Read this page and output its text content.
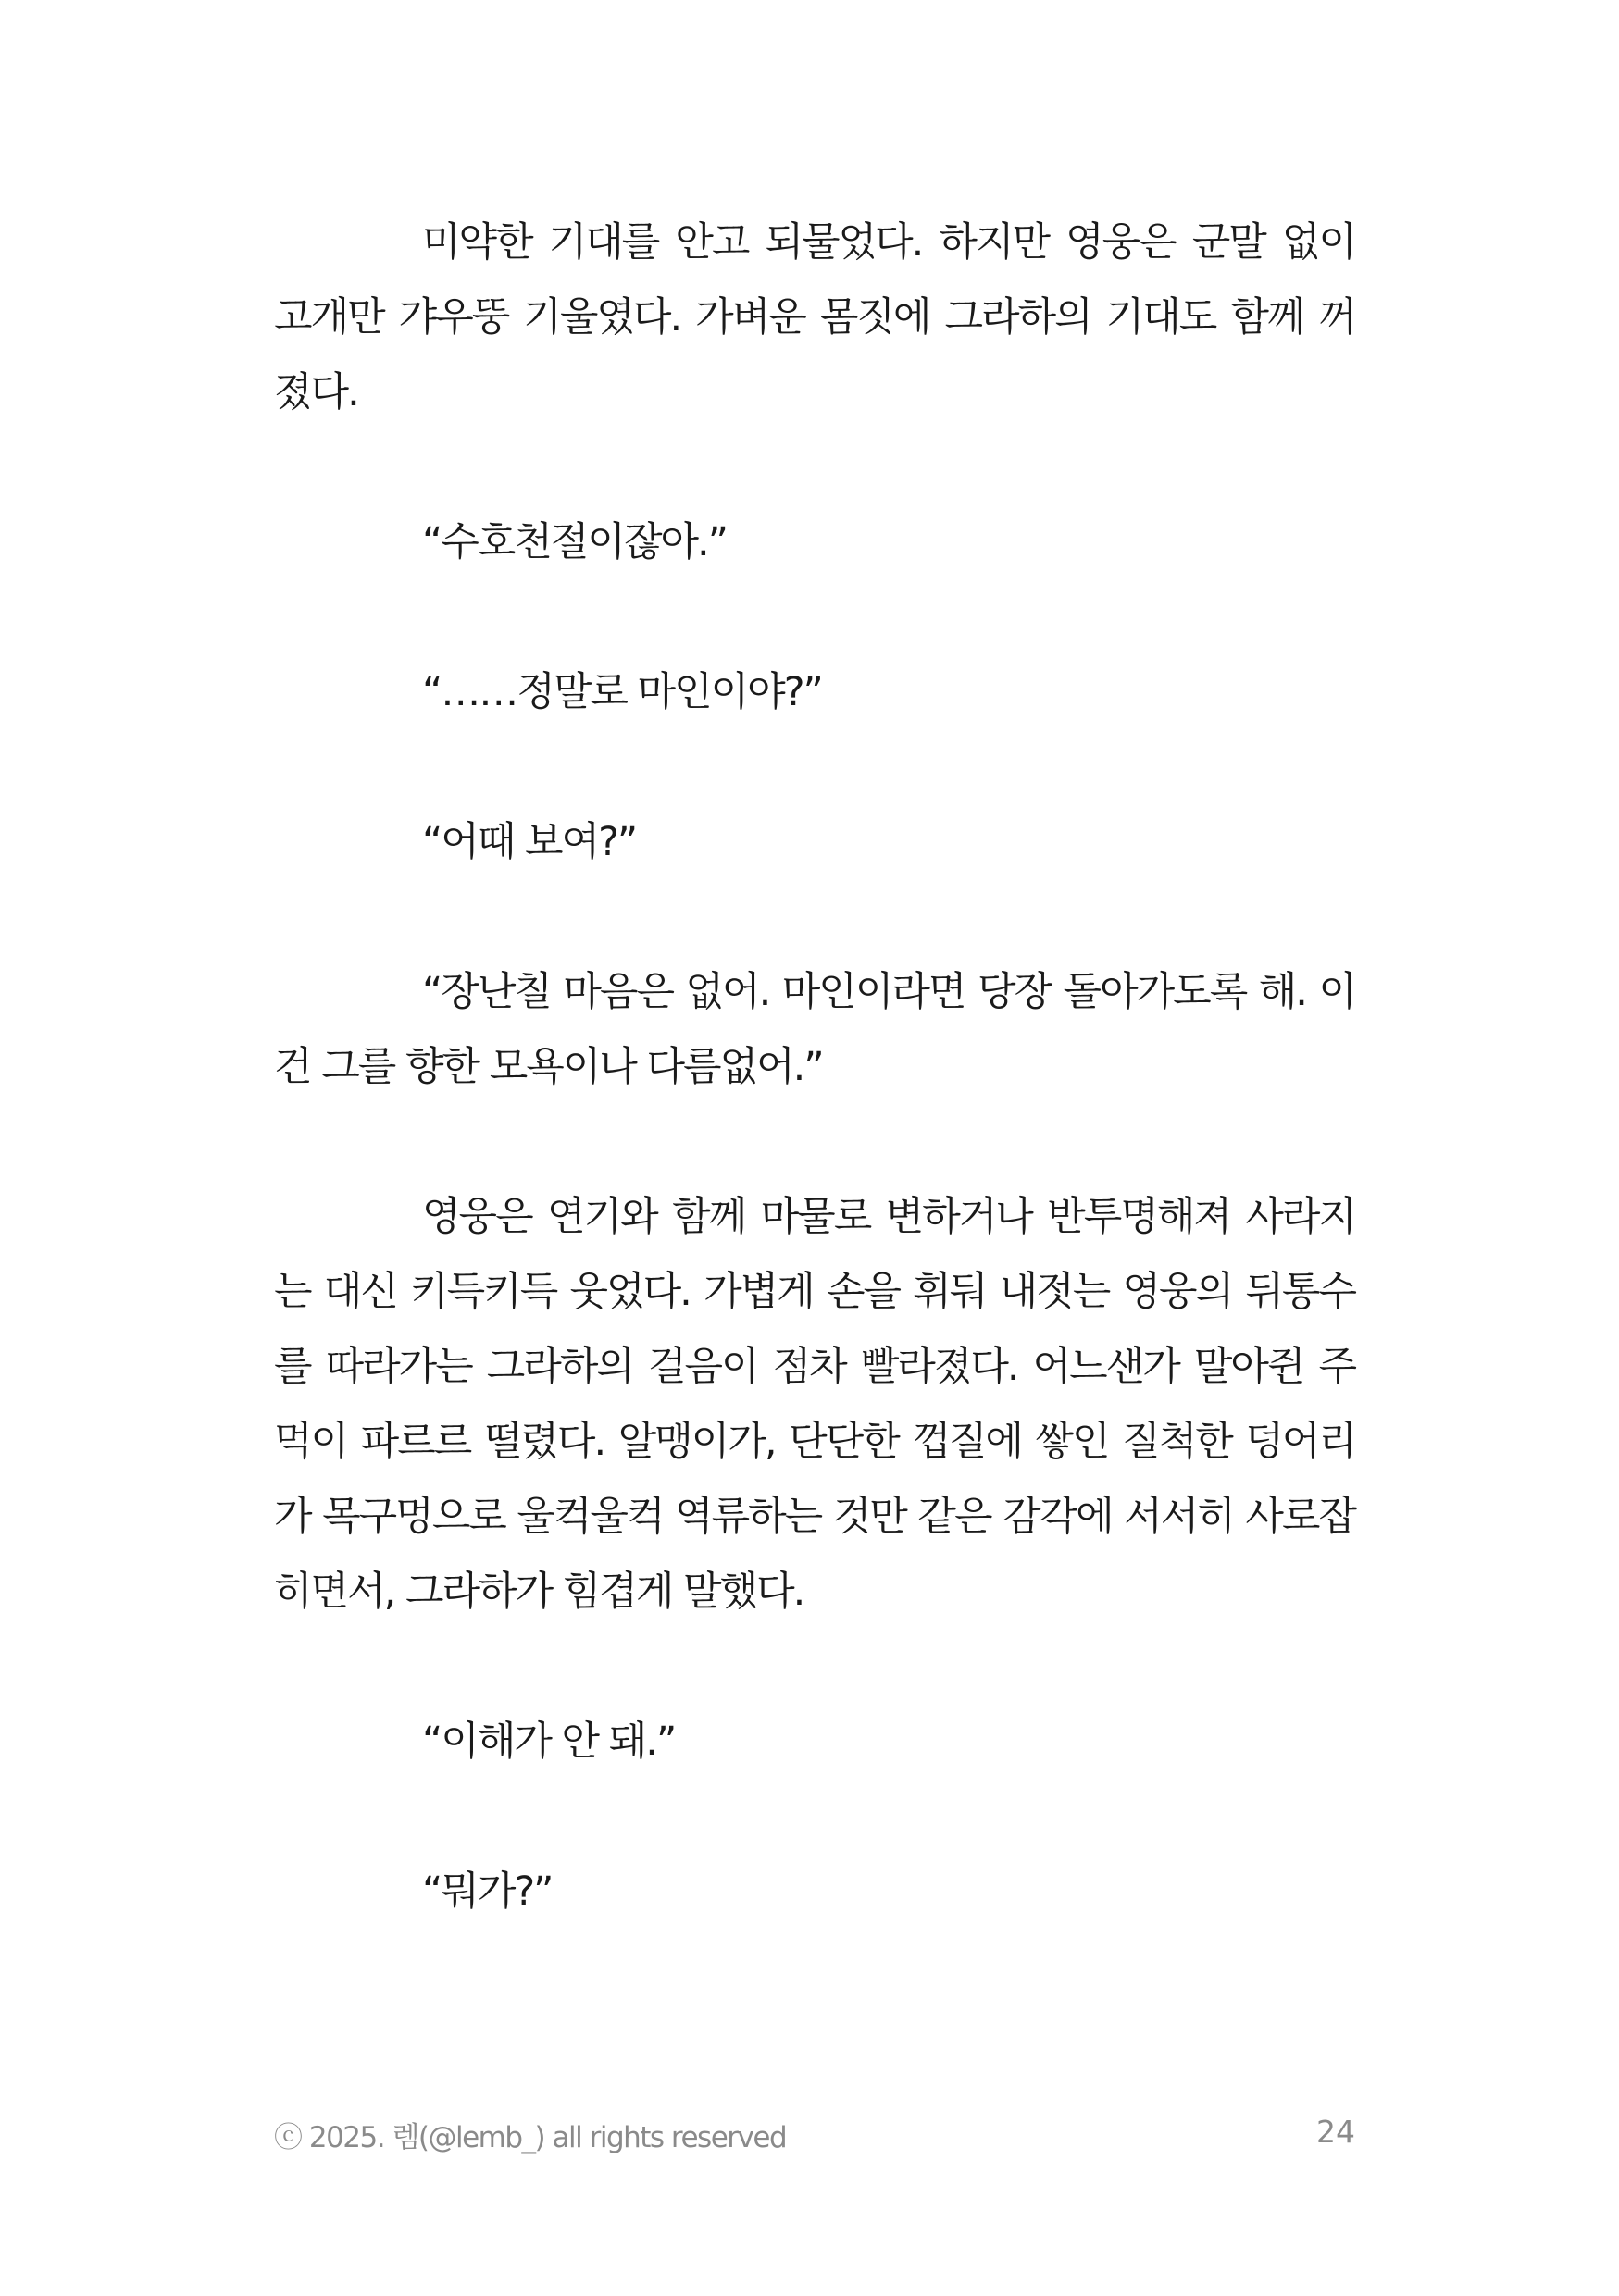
미약한 기대를 안고 되물었다. 하지만 영웅은 군말 없이 고개만 갸우뚱 기울였다. 가벼운 몸짓에 그라하의 기대도 함께 꺼졌다.

“수호천절이잖아.”

“……정말로 마인이야?”

“어때 보여?”

“장난칠 마음은 없어. 마인이라면 당장 돌아가도록 해. 이건 그를 향한 모욕이나 다름없어.”

영웅은 연기와 함께 마물로 변하거나 반투명해져 사라지는 대신 키득키득 웃었다. 가볍게 손을 휘둬 내젓는 영웅의 뒤통수를 따라가는 그라하의 걸음이 점차 빨라졌다. 어느샌가 말아쥔 주먹이 파르르 떨렸다. 알맹이가, 단단한 껍질에 쌓인 질척한 덩어리가 목구멍으로 울컥울컥 역류하는 것만 같은 감각에 서서히 사로잡히면서, 그라하가 힘겹게 말했다.

“이해가 안 돼.”

“뭐가?”

ⓒ 2025. 렘(@lemb_) all rights reserved	24
